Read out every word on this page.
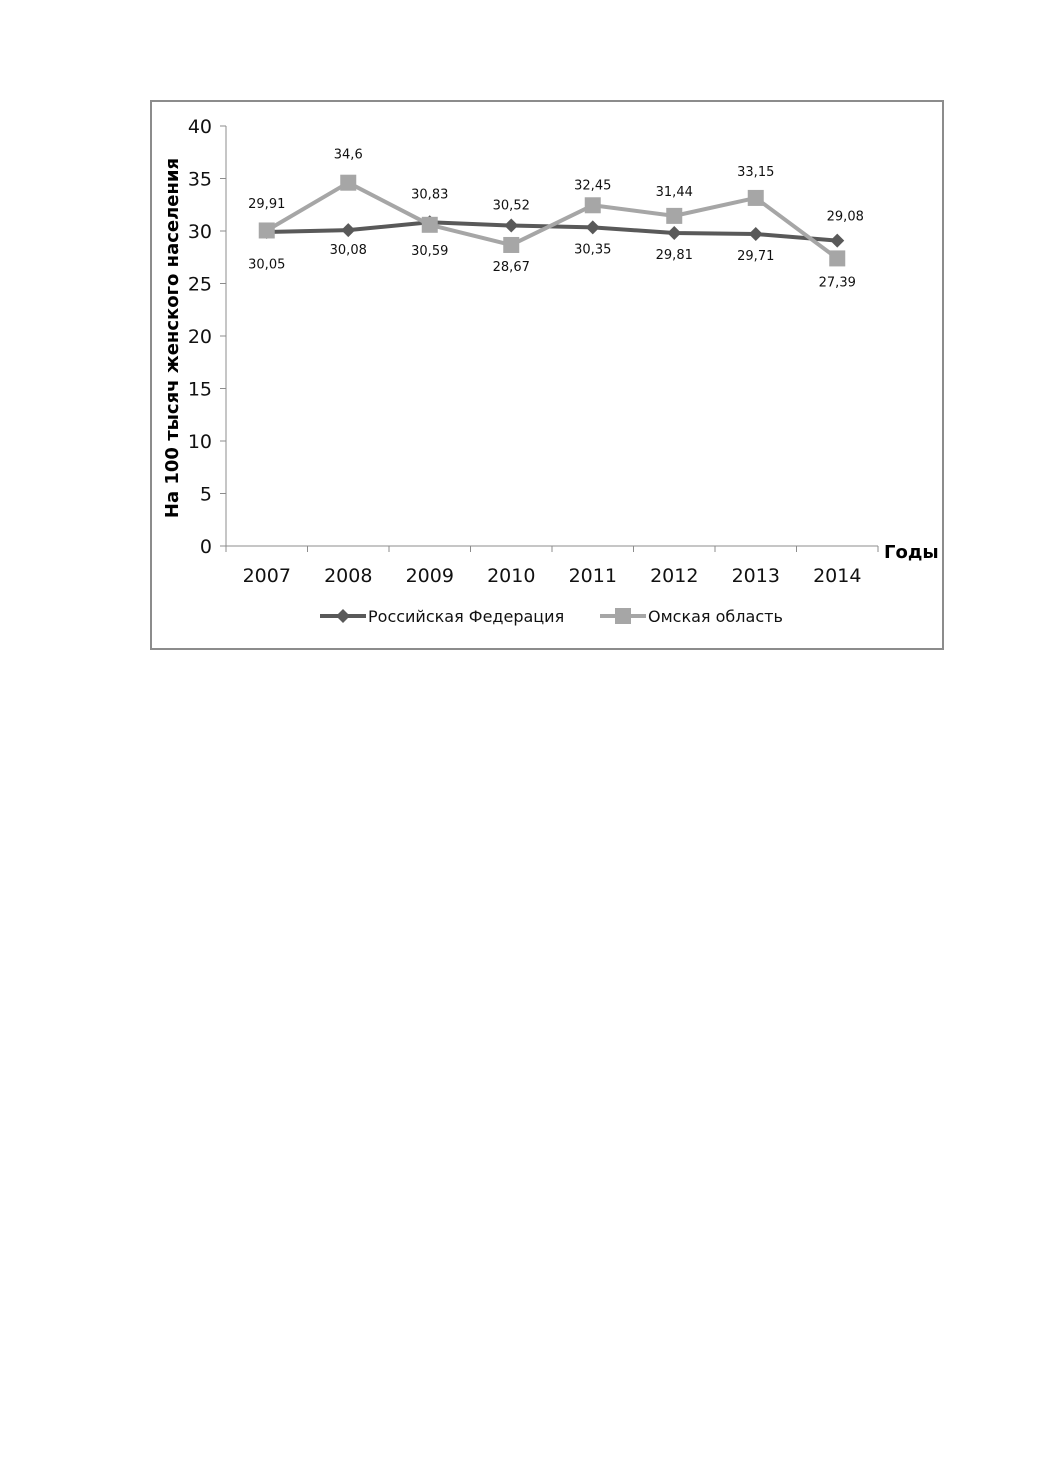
0
5
10
15
20
25
30
35
40
2007 2008 2009 2010 2011 2012 2013 2014
На 100 тысяч женского населения
Годы
29,91
30,08
30,83
30,52
30,35	29,81	29,71
29,08
30,05
34,6
30,59
28,67
32,45	31,44
33,15
27,39
Российская Федерация	Омская область
